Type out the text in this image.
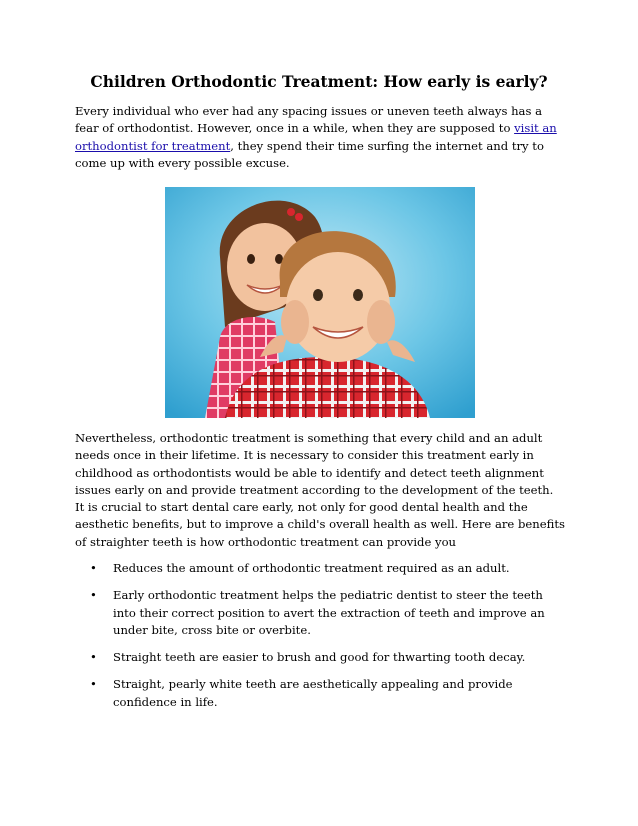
Children Orthodontic Treatment: How early is early?

Every individual who ever had any spacing issues or uneven teeth always has a fear of orthodontist. However, once in a while, when they are supposed to visit an orthodontist for treatment, they spend their time surfing the internet and try to come up with every possible excuse.

Nevertheless, orthodontic treatment is something that every child and an adult needs once in their lifetime. It is necessary to consider this treatment early in childhood as orthodontists would be able to identify and detect teeth alignment issues early on and provide treatment according to the development of the teeth. It is crucial to start dental care early, not only for good dental health and the aesthetic benefits, but to improve a child's overall health as well. Here are benefits of straighter teeth is how orthodontic treatment can provide you

• Reduces the amount of orthodontic treatment required as an adult.
• Early orthodontic treatment helps the pediatric dentist to steer the teeth into their correct position to avert the extraction of teeth and improve an under bite, cross bite or overbite.
• Straight teeth are easier to brush and good for thwarting tooth decay.
• Straight, pearly white teeth are aesthetically appealing and provide confidence in life.
